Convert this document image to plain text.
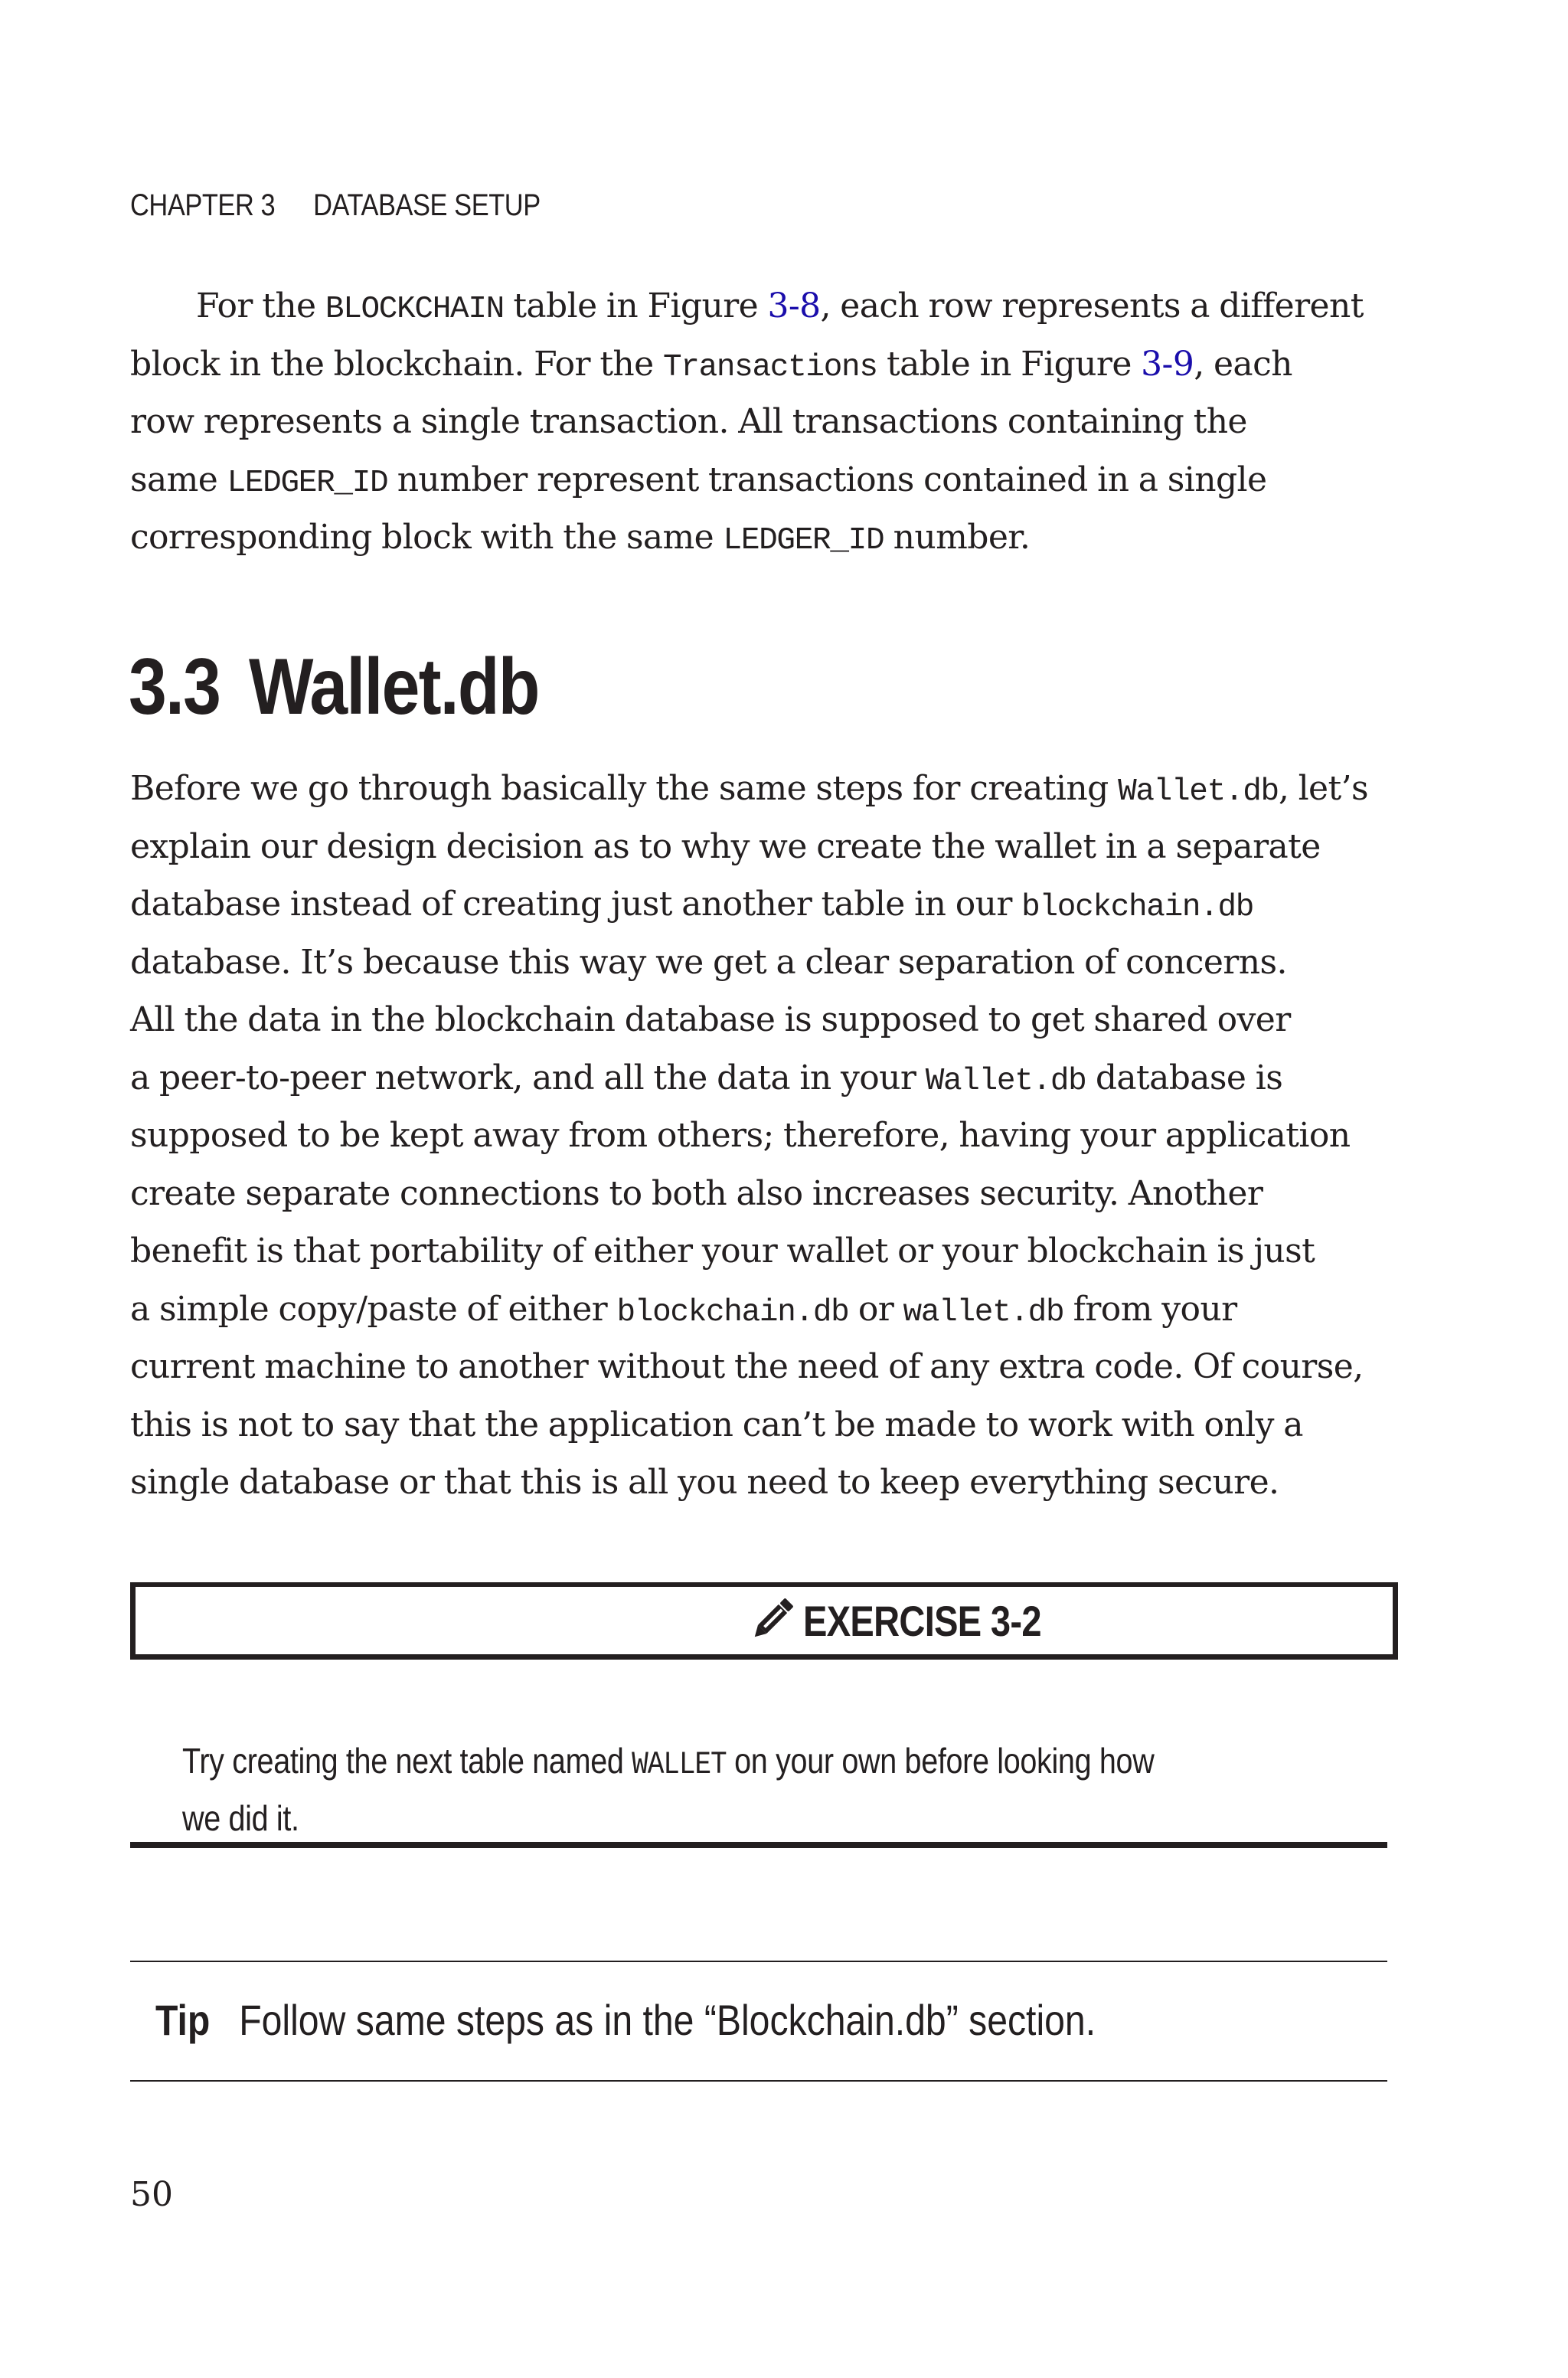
CHAPTER 3 DATABASE SETUP
For the BLOCKCHAIN table in Figure 3-8, each row represents a different
block in the blockchain. For the Transactions table in Figure 3-9, each
row represents a single transaction. All transactions containing the
same LEDGER_ID number represent transactions contained in a single
corresponding block with the same LEDGER_ID number.
3.3 Wallet.db
Before we go through basically the same steps for creating Wallet.db, let’s
explain our design decision as to why we create the wallet in a separate
database instead of creating just another table in our blockchain.db
database. It’s because this way we get a clear separation of concerns.
All the data in the blockchain database is supposed to get shared over
a peer-to-peer network, and all the data in your Wallet.db database is
supposed to be kept away from others; therefore, having your application
create separate connections to both also increases security. Another
benefit is that portability of either your wallet or your blockchain is just
a simple copy/paste of either blockchain.db or wallet.db from your
current machine to another without the need of any extra code. Of course,
this is not to say that the application can’t be made to work with only a
single database or that this is all you need to keep everything secure.
EXERCISE 3-2
Try creating the next table named WALLET on your own before looking how
we did it.
Tip Follow same steps as in the “Blockchain.db” section.
50
